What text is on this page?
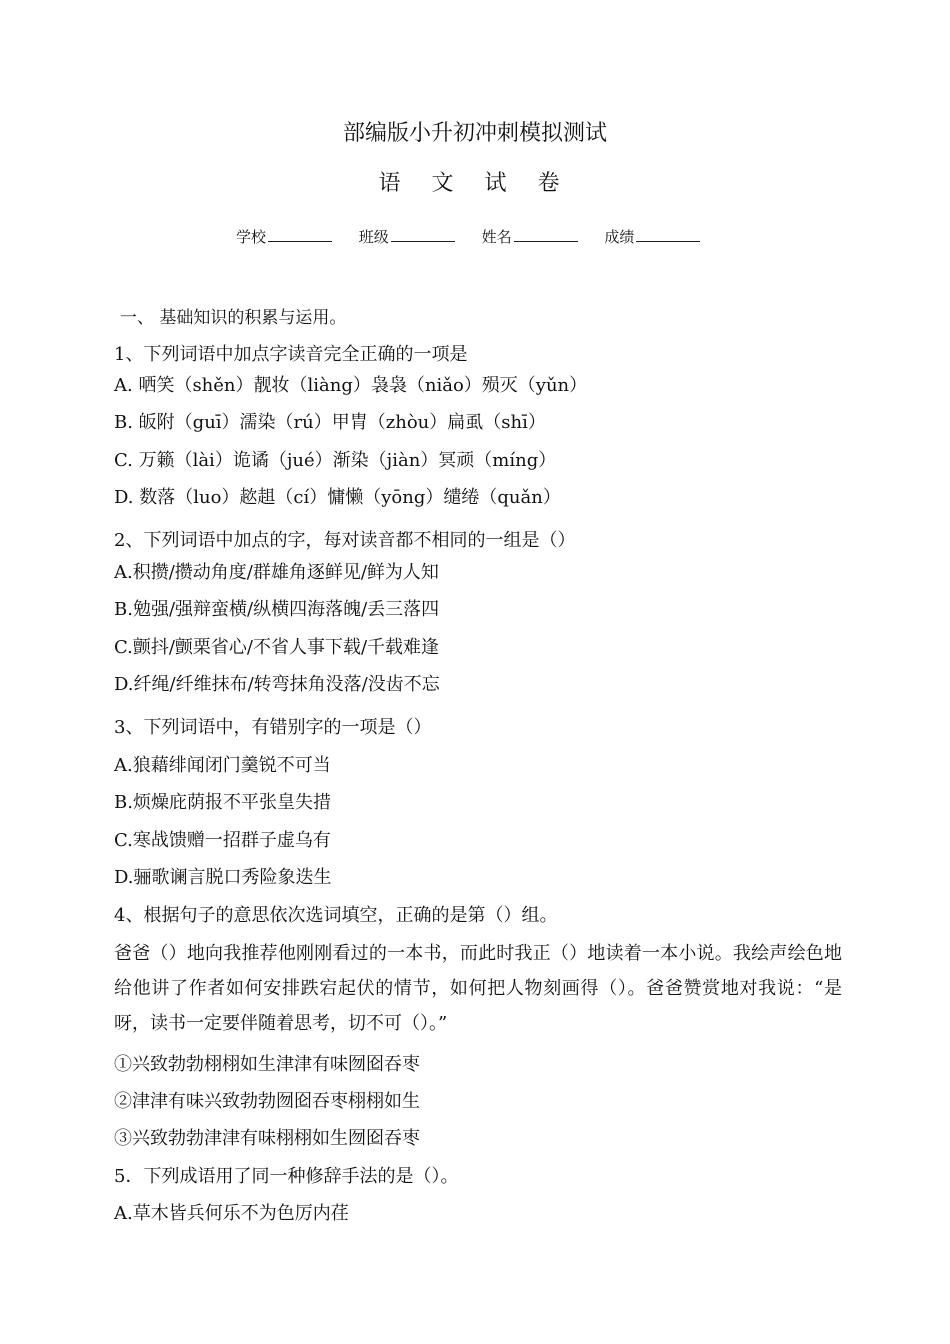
部编版小升初冲刺模拟测试
语 文 试 卷
学校	班级	姓名	成绩
一、 基础知识的积累与运用。
1、下列词语中加点字读音完全正确的一项是
A. 哂笑（shěn）靓妆（liàng）袅袅（niǎo）殒灭（yǔn）
B. 皈附（guī）濡染（rú）甲胄（zhòu）扁虱（shī）
C. 万籁（lài）诡谲（jué）渐染（jiàn）冥顽（míng）
D. 数落（luo）趑趄（cí）慵懒（yōng）缱绻（quǎn）
2、下列词语中加点的字，每对读音都不相同的一组是（）
A.积攒/攒动角度/群雄角逐鲜见/鲜为人知
B.勉强/强辩蛮横/纵横四海落魄/丢三落四
C.颤抖/颤栗省心/不省人事下载/千载难逢
D.纤绳/纤维抹布/转弯抹角没落/没齿不忘
3、下列词语中，有错别字的一项是（）
A.狼藉绯闻闭门羹锐不可当
B.烦燥庇荫报不平张皇失措
C.寒战馈赠一招群子虚乌有
D.骊歌谰言脱口秀险象迭生
4、根据句子的意思依次选词填空，正确的是第（）组。
爸爸（）地向我推荐他刚刚看过的一本书，而此时我正（）地读着一本小说。我绘声绘色地给他讲了作者如何安排跌宕起伏的情节，如何把人物刻画得（）。爸爸赞赏地对我说：“是呀，读书一定要伴随着思考，切不可（）。”
①兴致勃勃栩栩如生津津有味囫囵吞枣
②津津有味兴致勃勃囫囵吞枣栩栩如生
③兴致勃勃津津有味栩栩如生囫囵吞枣
5．下列成语用了同一种修辞手法的是（）。
A.草木皆兵何乐不为色厉内荏
